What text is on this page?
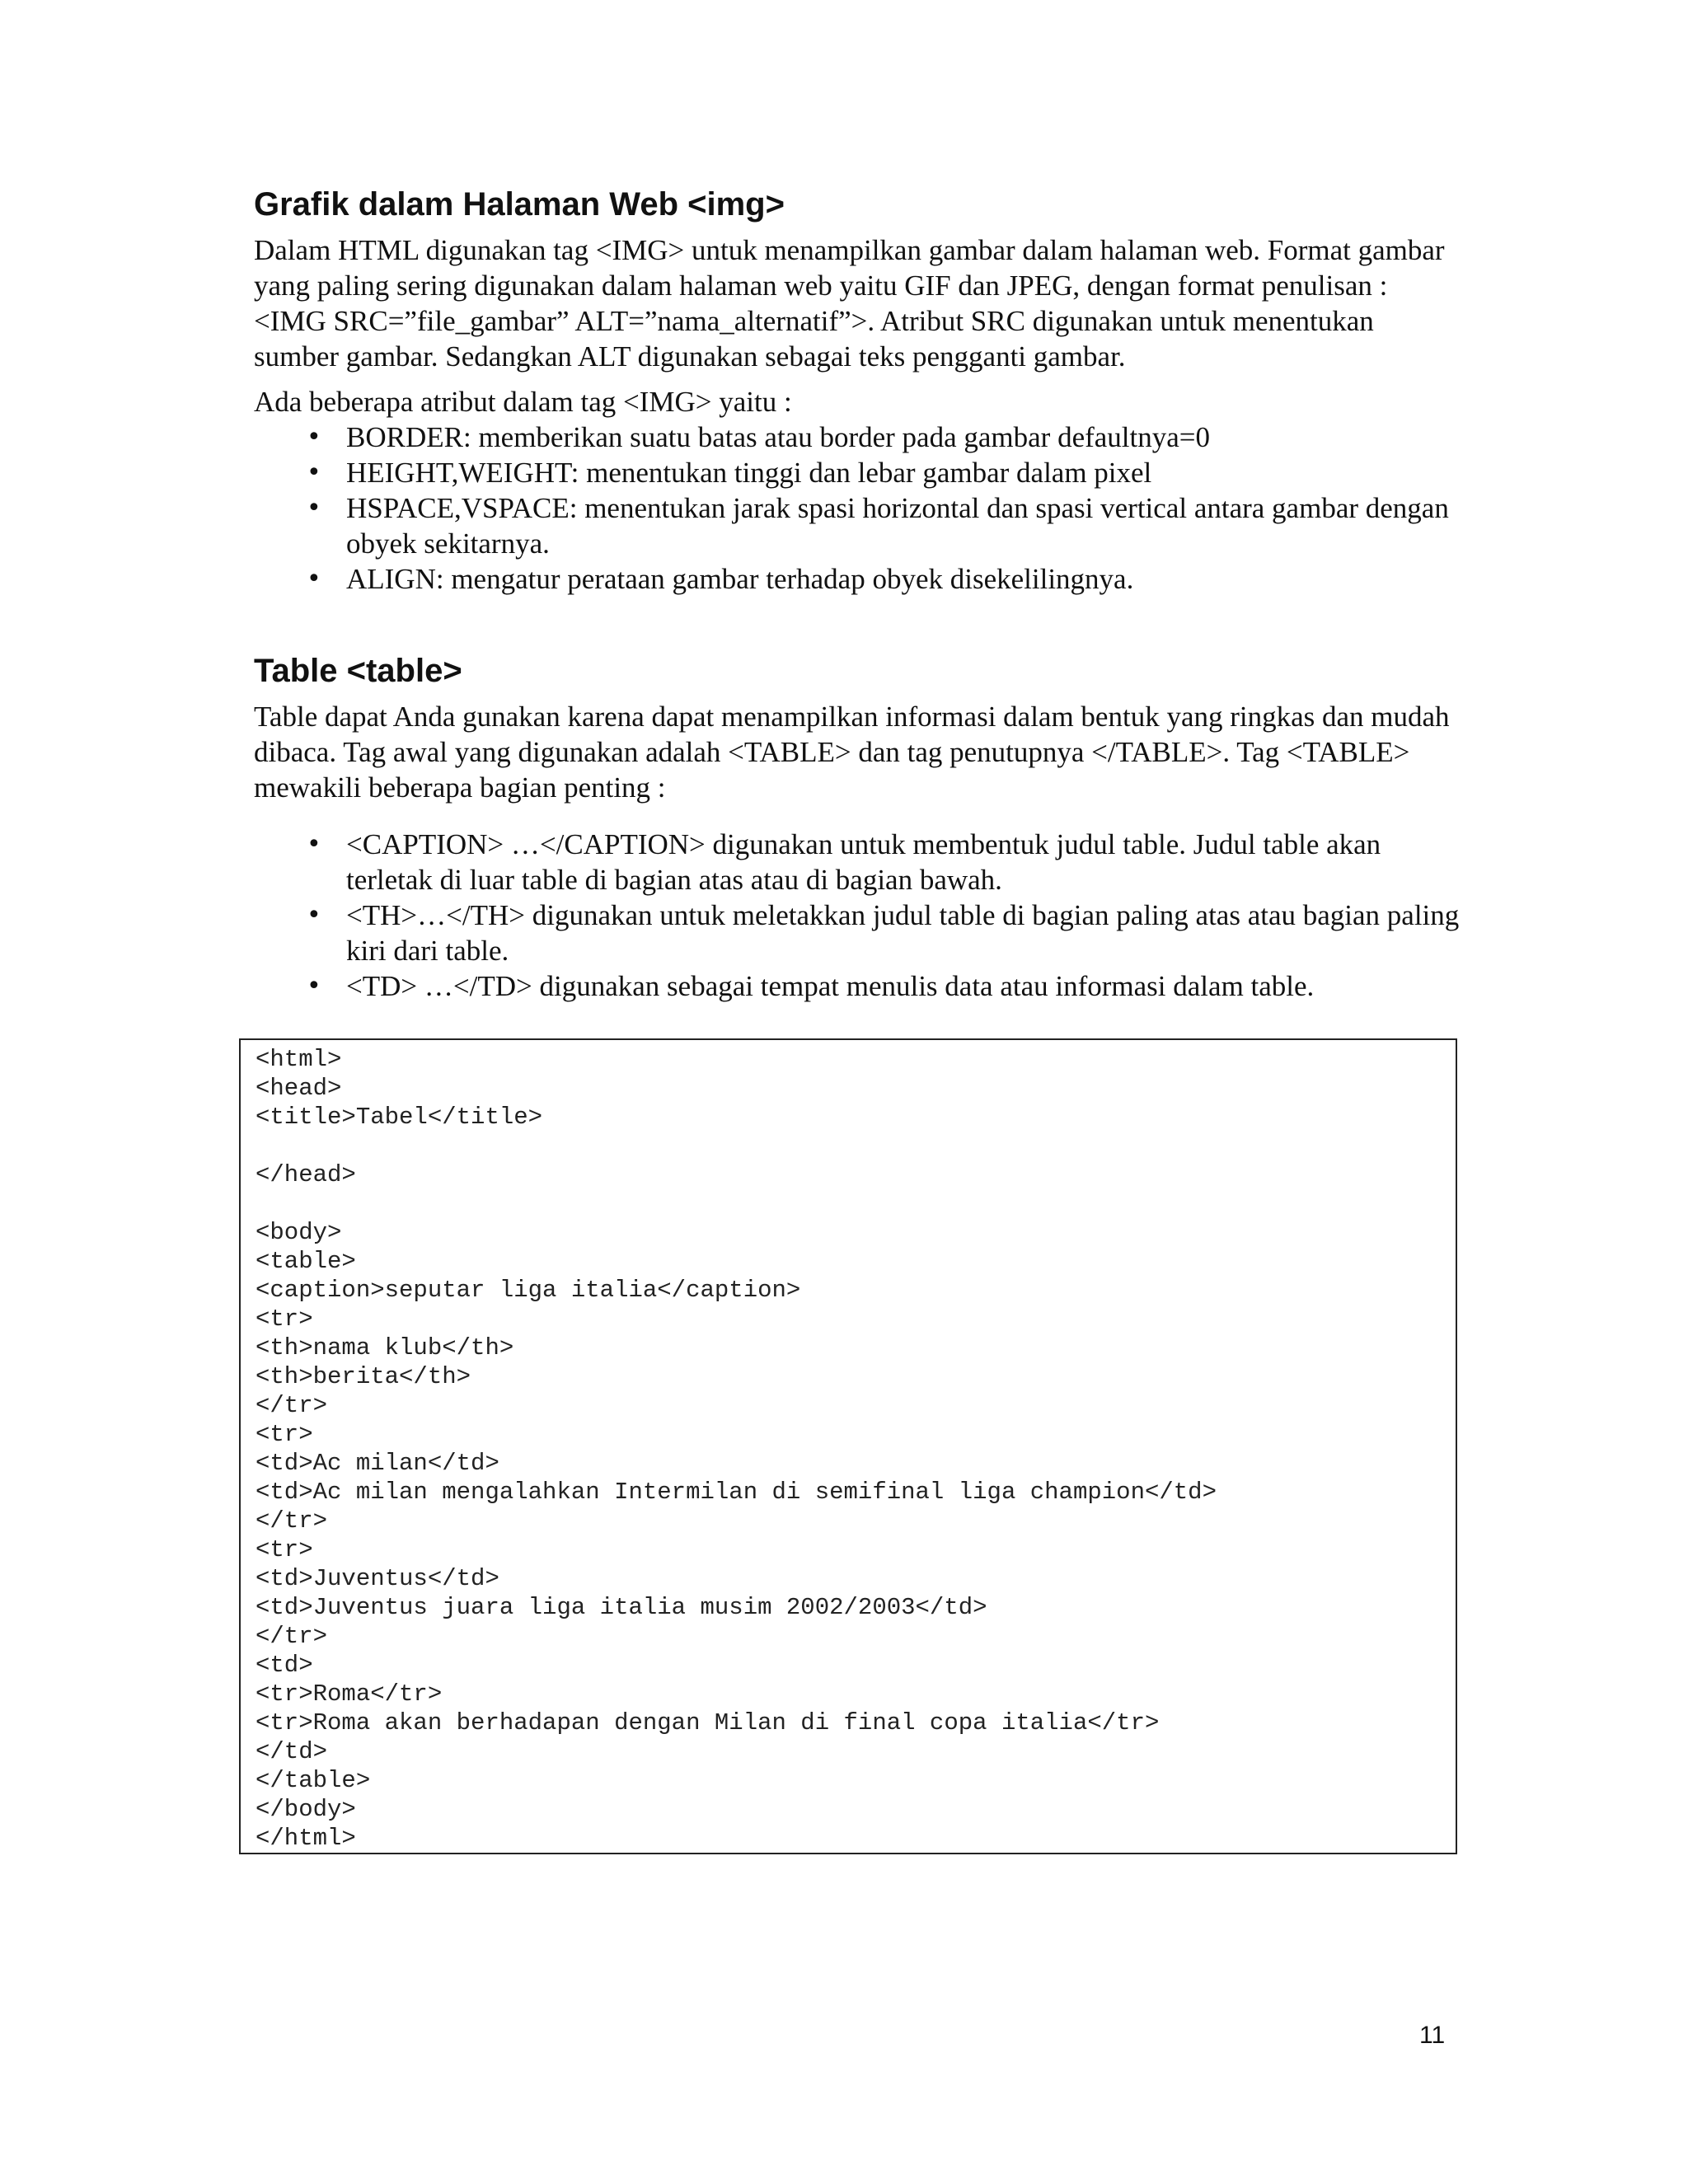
Grafik dalam Halaman Web <img>

Dalam HTML digunakan tag <IMG> untuk menampilkan gambar dalam halaman web. Format gambar yang paling sering digunakan dalam halaman web yaitu GIF dan JPEG, dengan format penulisan : <IMG SRC=”file_gambar” ALT=”nama_alternatif”>. Atribut SRC digunakan untuk menentukan sumber gambar. Sedangkan ALT digunakan sebagai teks pengganti gambar.

Ada beberapa atribut dalam tag <IMG> yaitu :

• BORDER: memberikan suatu batas atau border pada gambar defaultnya=0
• HEIGHT,WEIGHT: menentukan tinggi dan lebar gambar dalam pixel
• HSPACE,VSPACE: menentukan jarak spasi horizontal dan spasi vertical antara gambar dengan obyek sekitarnya.
• ALIGN: mengatur perataan gambar terhadap obyek disekelilingnya.
Table <table>

Table dapat Anda gunakan karena dapat menampilkan informasi dalam bentuk yang ringkas dan mudah dibaca. Tag awal yang digunakan adalah <TABLE> dan tag penutupnya </TABLE>. Tag <TABLE> mewakili beberapa bagian penting :

• <CAPTION> …</CAPTION> digunakan untuk membentuk judul table. Judul table akan terletak di luar table di bagian atas atau di bagian bawah.
• <TH>…</TH> digunakan untuk meletakkan judul table di bagian paling atas atau bagian paling kiri dari table.
• <TD> …</TD> digunakan sebagai tempat menulis data atau informasi dalam table.
<html>
<head>
<title>Tabel</title>
</head>
<body>
<table>
<caption>seputar liga italia</caption>
<tr>
<th>nama klub</th>
<th>berita</th>
</tr>
<tr>
<td>Ac milan</td>
<td>Ac milan mengalahkan Intermilan di semifinal liga champion</td>
</tr>
<tr>
<td>Juventus</td>
<td>Juventus juara liga italia musim 2002/2003</td>
</tr>
<td>
<tr>Roma</tr>
<tr>Roma akan berhadapan dengan Milan di final copa italia</tr>
</td>
</table>
</body>
</html>
11
